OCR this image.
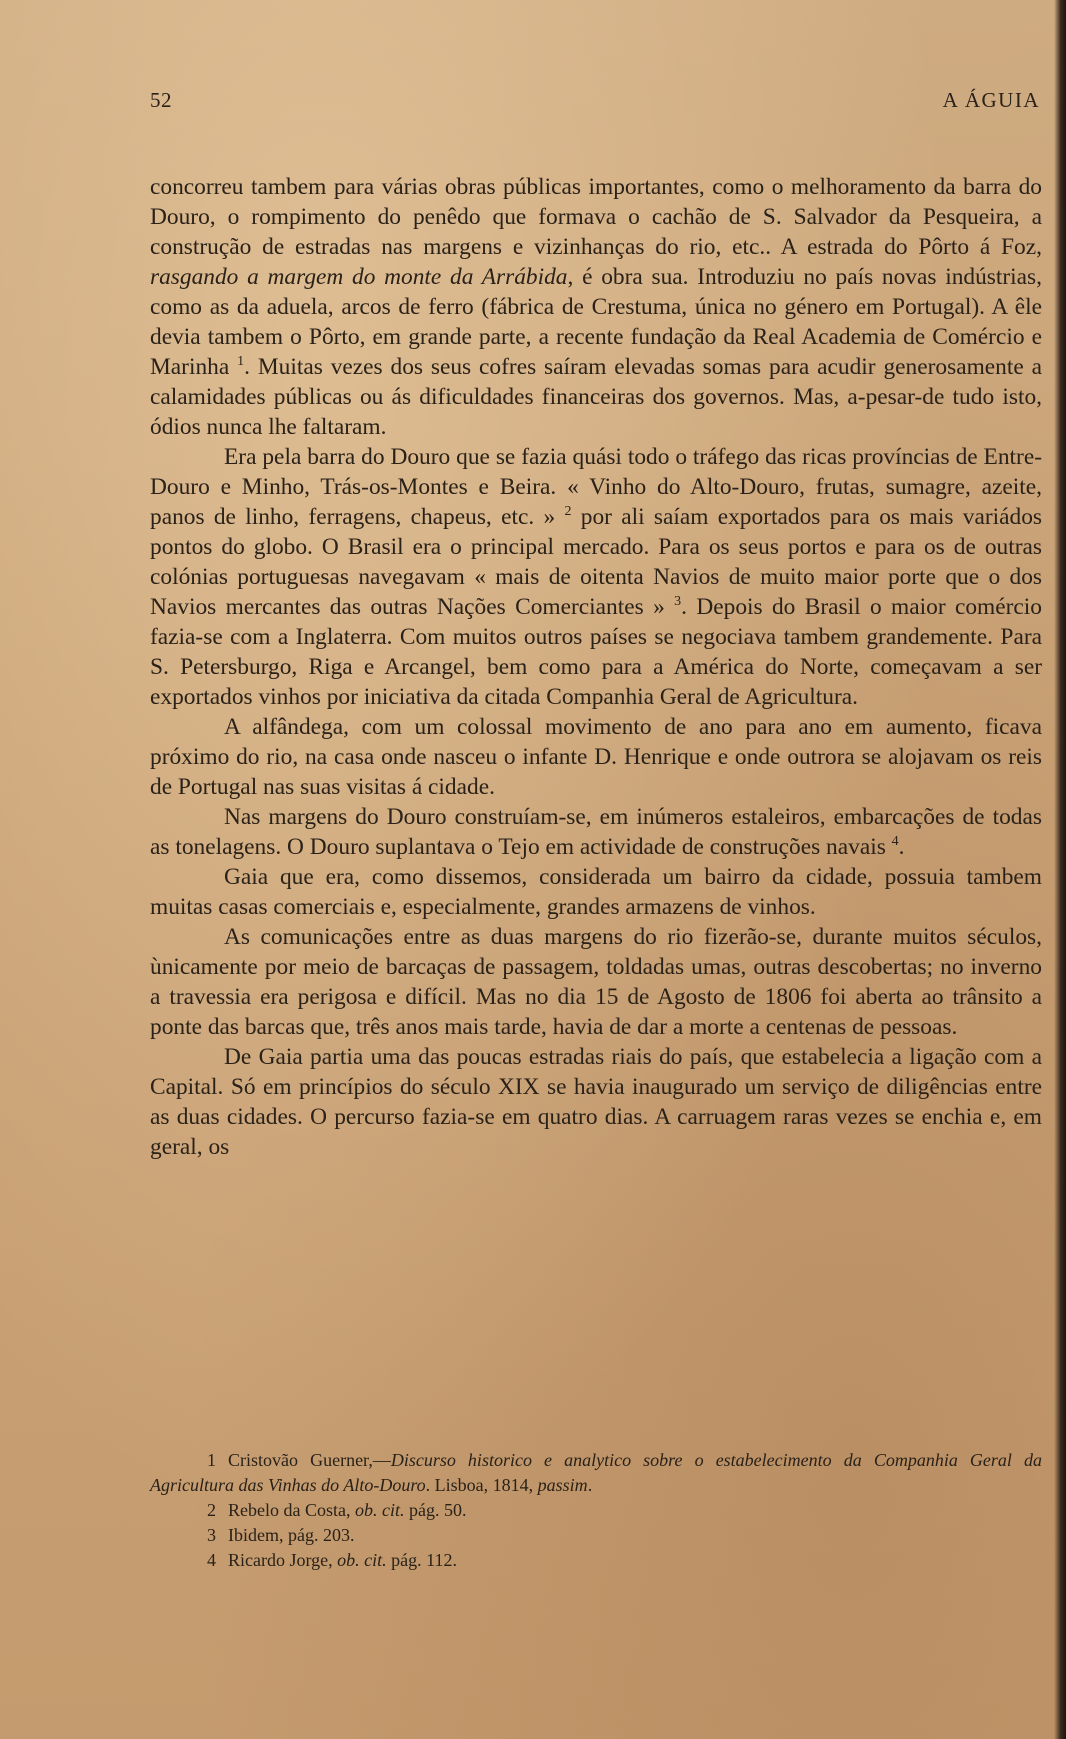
52	A ÁGUIA

concorreu tambem para várias obras públicas importantes, como o melhoramento da barra do Douro, o rompimento do penêdo que formava o cachão de S. Salvador da Pesqueira, a construção de estradas nas margens e vizinhanças do rio, etc.. A estrada do Pôrto á Foz, rasgando a margem do monte da Arrábida, é obra sua. Introduziu no país novas indústrias, como as da aduela, arcos de ferro (fábrica de Crestuma, única no género em Portugal). A êle devia tambem o Pôrto, em grande parte, a recente fundação da Real Academia de Comércio e Marinha $^1$. Muitas vezes dos seus cofres saíram elevadas somas para acudir generosamente a calamidades públicas ou ás dificuldades financeiras dos governos. Mas, a-pesar-de tudo isto, ódios nunca lhe faltaram.

Era pela barra do Douro que se fazia quási todo o tráfego das ricas províncias de Entre-Douro e Minho, Trás-os-Montes e Beira. « Vinho do Alto-Douro, frutas, sumagre, azeite, panos de linho, ferragens, chapeus, etc. » $^2$ por ali saíam exportados para os mais variádos pontos do globo. O Brasil era o principal mercado. Para os seus portos e para os de outras colónias portuguesas navegavam « mais de oitenta Navios de muito maior porte que o dos Navios mercantes das outras Nações Comerciantes » $^3$. Depois do Brasil o maior comércio fazia-se com a Inglaterra. Com muitos outros países se negociava tambem grandemente. Para S. Petersburgo, Riga e Arcangel, bem como para a América do Norte, começavam a ser exportados vinhos por iniciativa da citada Companhia Geral de Agricultura.

A alfândega, com um colossal movimento de ano para ano em aumento, ficava próximo do rio, na casa onde nasceu o infante D. Henrique e onde outrora se alojavam os reis de Portugal nas suas visitas á cidade.

Nas margens do Douro construíam-se, em inúmeros estaleiros, embarcações de todas as tonelagens. O Douro suplantava o Tejo em actividade de construções navais $^4$.

Gaia que era, como dissemos, considerada um bairro da cidade, possuia tambem muitas casas comerciais e, especialmente, grandes armazens de vinhos.

As comunicações entre as duas margens do rio fizerão-se, durante muitos séculos, ùnicamente por meio de barcaças de passagem, toldadas umas, outras descobertas; no inverno a travessia era perigosa e difícil. Mas no dia 15 de Agosto de 1806 foi aberta ao trânsito a ponte das barcas que, três anos mais tarde, havia de dar a morte a centenas de pessoas.

De Gaia partia uma das poucas estradas riais do país, que estabelecia a ligação com a Capital. Só em princípios do século XIX se havia inaugurado um serviço de diligências entre as duas cidades. O percurso fazia-se em quatro dias. A carruagem raras vezes se enchia e, em geral, os

1 Cristovão Guerner,—Discurso historico e analytico sobre o estabelecimento da Companhia Geral da Agricultura das Vinhas do Alto-Douro. Lisboa, 1814, passim.

2 Rebelo da Costa, ob. cit. pág. 50.

3 Ibidem, pág. 203.

4 Ricardo Jorge, ob. cit. pág. 112.
